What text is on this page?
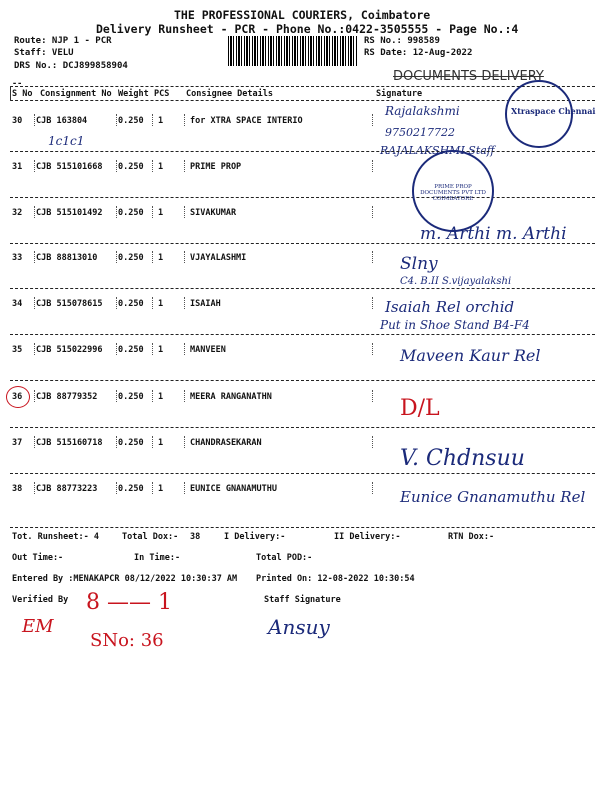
THE PROFESSIONAL COURIERS, Coimbatore
Delivery Runsheet - PCR - Phone No.:0422-3505555 - Page No.:4
Route: NJP 1 - PCR
Staff: VELU
DRS No.: DCJ899858904
RS No.: 998589
RS Date: 12-Aug-2022
DOCUMENTS DELIVERY
--
S No Consignment No Weight PCS Consignee Details	Signature
30 CJB 163804	0.250 1	for XTRA SPACE INTERIO
Rajalakshmi
9750217722
RAJALAKSHMI Staff
1c1c1
31 CJB 515101668 0.250 1	PRIME PROP
32 CJB 515101492 0.250 1	SIVAKUMAR
m. Arthi m. Arthi
33 CJB 88813010 0.250 1	VJAYALASHMI	Slny
C4. B.II S.vijayalakshi
34 CJB 515078615 0.250 1	ISAIAH	Isaiah Rel orchid
Put in Shoe Stand B4-F4
35 CJB 515022996 0.250 1	MANVEEN	Maveen Kaur Rel
36 CJB 88779352 0.250 1	MEERA RANGANATHN	D/L
37 CJB 515160718 0.250 1	CHANDRASEKARAN
V. Chdnsuu
38 CJB 88773223 0.250 1	EUNICE GNANAMUTHU	Eunice Gnanamuthu Rel
Xtraspace Chennai
PRIME PROP DOCUMENTS PVT LTD COIMBATORE
Tot. Runsheet:- 4	Total Dox:- 38	I Delivery:-	II Delivery:-	RTN Dox:-
Out Time:-	In Time:-	Total POD:-
Entered By :MENAKAPCR 08/12/2022 10:30:37 AM Printed On: 12-08-2022 10:30:54
Verified By	Staff Signature
8 —— 1
SNo: 36
EM	Ansuy
